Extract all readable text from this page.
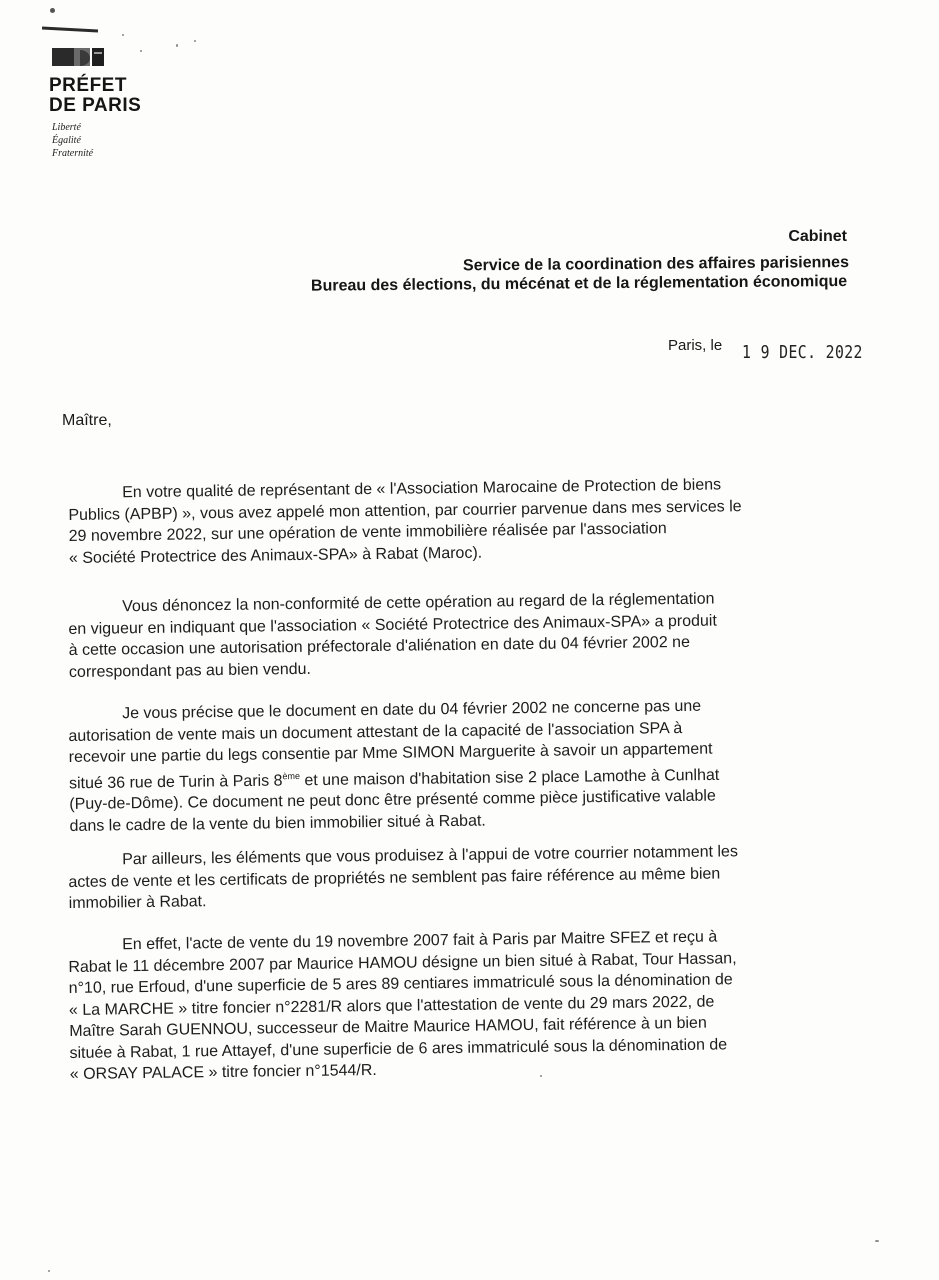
PRÉFET
DE PARIS
Liberté
Égalité
Fraternité
Cabinet
Service de la coordination des affaires parisiennes
Bureau des élections, du mécénat et de la réglementation économique
Paris, le 1 9 DEC. 2022
Maître,
En votre qualité de représentant de « l'Association Marocaine de Protection de biens
Publics (APBP) », vous avez appelé mon attention, par courrier parvenue dans mes services le
29 novembre 2022, sur une opération de vente immobilière réalisée par l'association
« Société Protectrice des Animaux-SPA» à Rabat (Maroc).
Vous dénoncez la non-conformité de cette opération au regard de la réglementation
en vigueur en indiquant que l'association « Société Protectrice des Animaux-SPA» a produit
à cette occasion une autorisation préfectorale d'aliénation en date du 04 février 2002 ne
correspondant pas au bien vendu.
Je vous précise que le document en date du 04 février 2002 ne concerne pas une
autorisation de vente mais un document attestant de la capacité de l'association SPA à
recevoir une partie du legs consentie par Mme SIMON Marguerite à savoir un appartement
situé 36 rue de Turin à Paris 8ème et une maison d'habitation sise 2 place Lamothe à Cunlhat
(Puy-de-Dôme). Ce document ne peut donc être présenté comme pièce justificative valable
dans le cadre de la vente du bien immobilier situé à Rabat.
Par ailleurs, les éléments que vous produisez à l'appui de votre courrier notamment les
actes de vente et les certificats de propriétés ne semblent pas faire référence au même bien
immobilier à Rabat.
En effet, l'acte de vente du 19 novembre 2007 fait à Paris par Maitre SFEZ et reçu à
Rabat le 11 décembre 2007 par Maurice HAMOU désigne un bien situé à Rabat, Tour Hassan,
n°10, rue Erfoud, d'une superficie de 5 ares 89 centiares immatriculé sous la dénomination de
« La MARCHE » titre foncier n°2281/R alors que l'attestation de vente du 29 mars 2022, de
Maître Sarah GUENNOU, successeur de Maitre Maurice HAMOU, fait référence à un bien
située à Rabat, 1 rue Attayef, d'une superficie de 6 ares immatriculé sous la dénomination de
« ORSAY PALACE » titre foncier n°1544/R.
